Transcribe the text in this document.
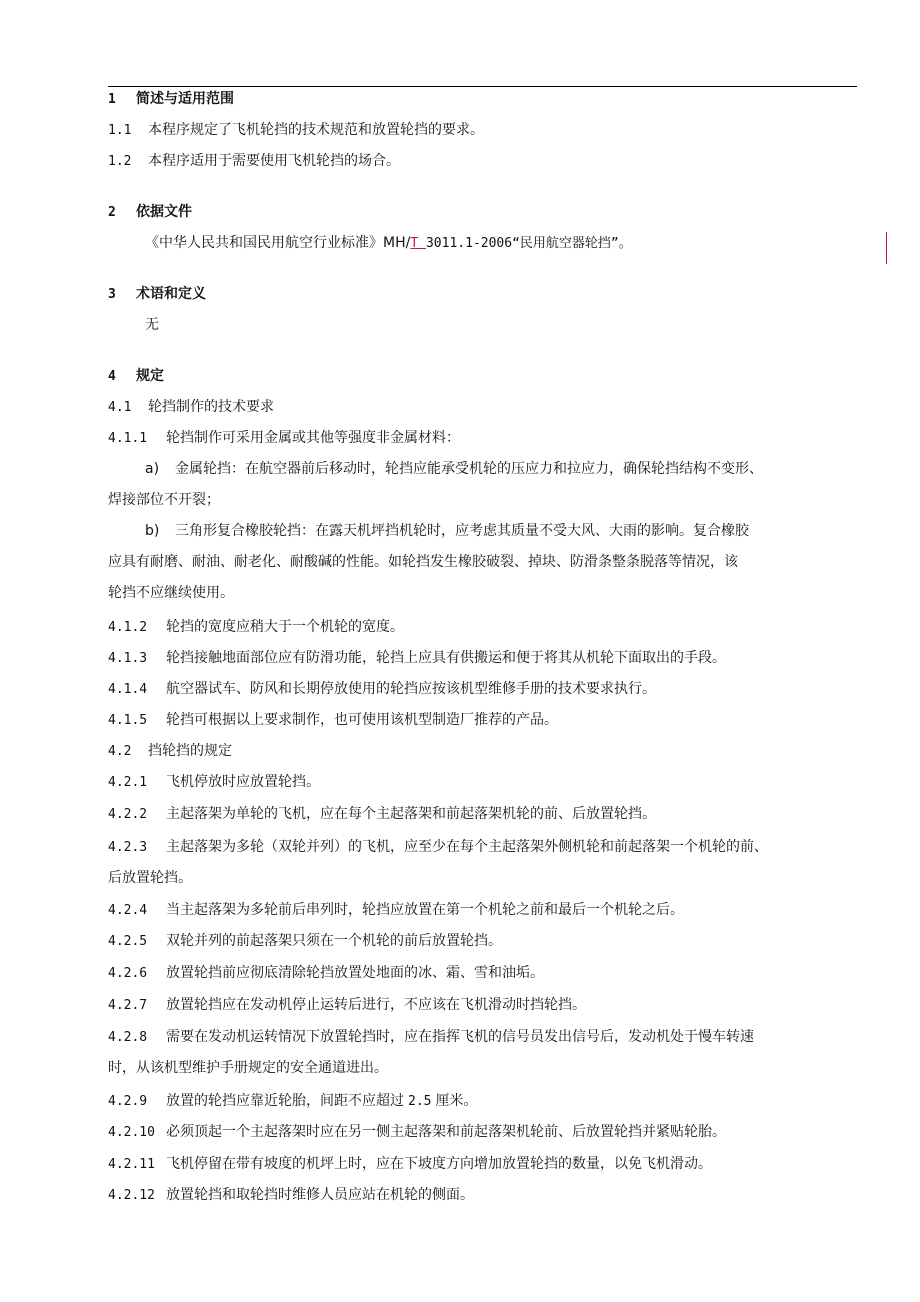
1 简述与适用范围
1.1 本程序规定了飞机轮挡的技术规范和放置轮挡的要求。
1.2 本程序适用于需要使用飞机轮挡的场合。
2 依据文件
《中华人民共和国民用航空行业标准》MH/T 3011.1-2006“民用航空器轮挡”。
3 术语和定义
无
4 规定
4.1 轮挡制作的技术要求
4.1.1 轮挡制作可采用金属或其他等强度非金属材料：
a) 金属轮挡：在航空器前后移动时，轮挡应能承受机轮的压应力和拉应力，确保轮挡结构不变形、
焊接部位不开裂；
b) 三角形复合橡胶轮挡：在露天机坪挡机轮时，应考虑其质量不受大风、大雨的影响。复合橡胶
应具有耐磨、耐油、耐老化、耐酸碱的性能。如轮挡发生橡胶破裂、掉块、防滑条整条脱落等情况，该
轮挡不应继续使用。
4.1.2 轮挡的宽度应稍大于一个机轮的宽度。
4.1.3 轮挡接触地面部位应有防滑功能，轮挡上应具有供搬运和便于将其从机轮下面取出的手段。
4.1.4 航空器试车、防风和长期停放使用的轮挡应按该机型维修手册的技术要求执行。
4.1.5 轮挡可根据以上要求制作，也可使用该机型制造厂推荐的产品。
4.2 挡轮挡的规定
4.2.1 飞机停放时应放置轮挡。
4.2.2 主起落架为单轮的飞机，应在每个主起落架和前起落架机轮的前、后放置轮挡。
4.2.3 主起落架为多轮（双轮并列）的飞机，应至少在每个主起落架外侧机轮和前起落架一个机轮的前、
后放置轮挡。
4.2.4 当主起落架为多轮前后串列时，轮挡应放置在第一个机轮之前和最后一个机轮之后。
4.2.5 双轮并列的前起落架只须在一个机轮的前后放置轮挡。
4.2.6 放置轮挡前应彻底清除轮挡放置处地面的冰、霜、雪和油垢。
4.2.7 放置轮挡应在发动机停止运转后进行，不应该在飞机滑动时挡轮挡。
4.2.8 需要在发动机运转情况下放置轮挡时，应在指挥飞机的信号员发出信号后，发动机处于慢车转速
时，从该机型维护手册规定的安全通道进出。
4.2.9 放置的轮挡应靠近轮胎，间距不应超过 2.5 厘米。
4.2.10 必须顶起一个主起落架时应在另一侧主起落架和前起落架机轮前、后放置轮挡并紧贴轮胎。
4.2.11 飞机停留在带有坡度的机坪上时，应在下坡度方向增加放置轮挡的数量，以免飞机滑动。
4.2.12 放置轮挡和取轮挡时维修人员应站在机轮的侧面。
